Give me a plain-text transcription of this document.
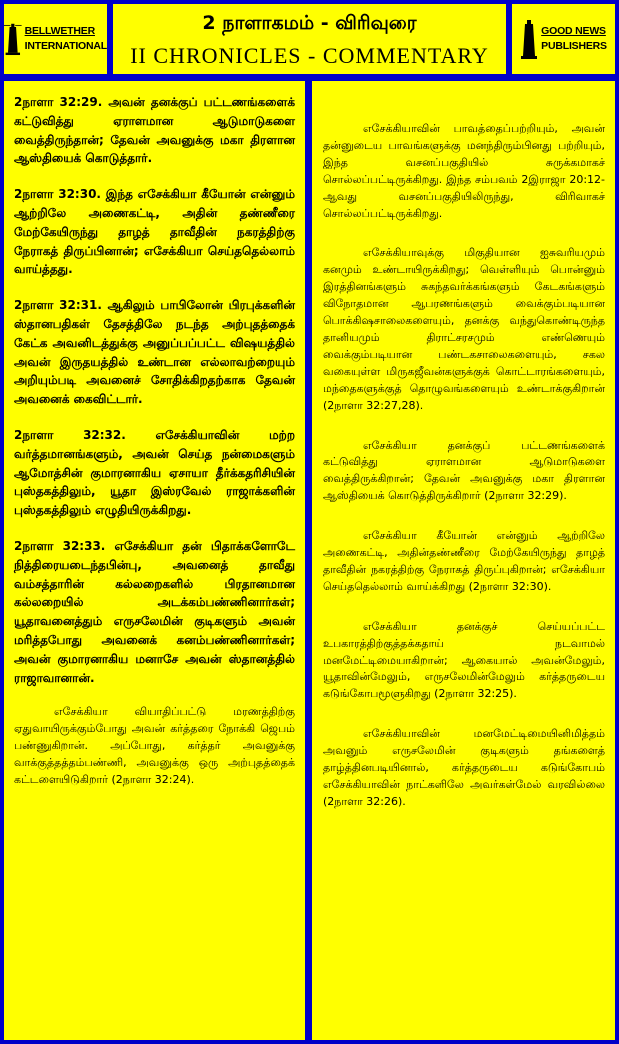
BELLWETHER
INTERNATIONAL
2 நாளாகமம் - விரிவுரை
II CHRONICLES - COMMENTARY
GOOD NEWS
PUBLISHERS

2நாளா 32:29. அவன் தனக்குப் பட்டணங்களைக் கட்டுவித்து ஏராளமான ஆடுமாடுகளை வைத்திருந்தான்; தேவன் அவனுக்கு மகா திரளான ஆஸ்தியைக் கொடுத்தார்.

2நாளா 32:30. இந்த எசேக்கியா கீயோன் என்னும் ஆற்றிலே அணைகட்டி, அதின் தண்ணீரை மேற்கேயிருந்து தாழத் தாவீதின் நகரத்திற்கு நேராகத் திருப்பினான்; எசேக்கியா செய்ததெல்லாம் வாய்த்தது.

2நாளா 32:31. ஆகிலும் பாபிலோன் பிரபுக்களின் ஸ்தானபதிகள் தேசத்திலே நடந்த அற்புதத்தைக் கேட்க அவனிடத்துக்கு அனுப்பப்பட்ட விஷயத்தில் அவன் இருதயத்தில் உண்டான எல்லாவற்றையும் அறியும்படி அவனைச் சோதிக்கிறதற்காக தேவன் அவனைக் கைவிட்டார்.

2நாளா 32:32. எசேக்கியாவின் மற்ற வர்த்தமானங்களும், அவன் செய்த நன்மைகளும் ஆமோத்சின் குமாரனாகிய ஏசாயா தீர்க்கதரிசியின் புஸ்தகத்திலும், யூதா இஸ்ரவேல் ராஜாக்களின் புஸ்தகத்திலும் எழுதியிருக்கிறது.

2நாளா 32:33. எசேக்கியா தன் பிதாக்களோடே நித்திரையடைந்தபின்பு, அவனைத் தாவீது வம்சத்தாரின் கல்லறைகளில் பிரதானமான கல்லறையில் அடக்கம்பண்ணினார்கள்; யூதாவனைத்தும் எருசலேமின் குடிகளும் அவன் மரித்தபோது அவனைக் கனம்பண்ணினார்கள்; அவன் குமாரனாகிய மனாசே அவன் ஸ்தானத்தில் ராஜாவானான்.

எசேக்கியா வியாதிப்பட்டு மரணத்திற்கு ஏதுவாயிருக்கும்போது அவன் கர்த்தரை நோக்கி ஜெபம் பண்ணுகிறான். அப்போது, கர்த்தர் அவனுக்கு வாக்குத்தத்தம்பண்ணி, அவனுக்கு ஒரு அற்புதத்தைக் கட்டளையிடுகிறார் (2நாளா 32:24).

எசேக்கியாவின் பாவத்தைப்பற்றியும், அவன் தன்னுடைய பாவங்களுக்கு மனந்திரும்பினது பற்றியும், இந்த வசனப்பகுதியில் சுருக்கமாகச் சொல்லப்பட்டிருக்கிறது. இந்த சம்பவம் 2இராஜா 20:12-ஆவது வசனப்பகுதியிலிருந்து, விரிவாகச் சொல்லப்பட்டிருக்கிறது.

எசேக்கியாவுக்கு மிகுதியான ஐசுவரியமும் கனமும் உண்டாயிருக்கிறது; வெள்ளியும் பொன்னும் இரத்தினங்களும் சுகந்தவர்க்கங்களும் கேடகங்களும் விநோதமான ஆபரணங்களும் வைக்கும்படியான பொக்கிஷசாலைகளையும், தனக்கு வந்துகொண்டிருந்த தானியமும் திராட்சரசமும் எண்ணெயும் வைக்கும்படியான பண்டகசாலைகளையும், சகல வகையுள்ள மிருகஜீவன்களுக்குக் கொட்டாரங்களையும், மந்தைகளுக்குத் தொழுவங்களையும் உண்டாக்குகிறான் (2நாளா 32:27,28).

எசேக்கியா தனக்குப் பட்டணங்களைக் கட்டுவித்து ஏராளமான ஆடுமாடுகளை வைத்திருக்கிறான்; தேவன் அவனுக்கு மகா திரளான ஆஸ்தியைக் கொடுத்திருக்கிறார் (2நாளா 32:29).

எசேக்கியா கீயோன் என்னும் ஆற்றிலே அணைகட்டி, அதின்தண்ணீரை மேற்கேயிருந்து தாழத் தாவீதின் நகரத்திற்கு நேராகத் திருப்புகிறான்; எசேக்கியா செய்ததெல்லாம் வாய்க்கிறது (2நாளா 32:30).

எசேக்கியா தனக்குச் செய்யப்பட்ட உபகாரத்திற்குத்தக்கதாய் நடவாமல் மனமேட்டிமையாகிறான்; ஆகையால் அவன்மேலும், யூதாவின்மேலும், எருசலேமின்மேலும் கர்த்தருடைய கடுங்கோபமூளுகிறது (2நாளா 32:25).

எசேக்கியாவின் மனமேட்டிமையினிமித்தம் அவனும் எருசலேமின் குடிகளும் தங்களைத் தாழ்த்தினபடியினால், கர்த்தருடைய கடுங்கோபம் எசேக்கியாவின் நாட்களிலே அவர்கள்மேல் வரவில்லை (2நாளா 32:26).
